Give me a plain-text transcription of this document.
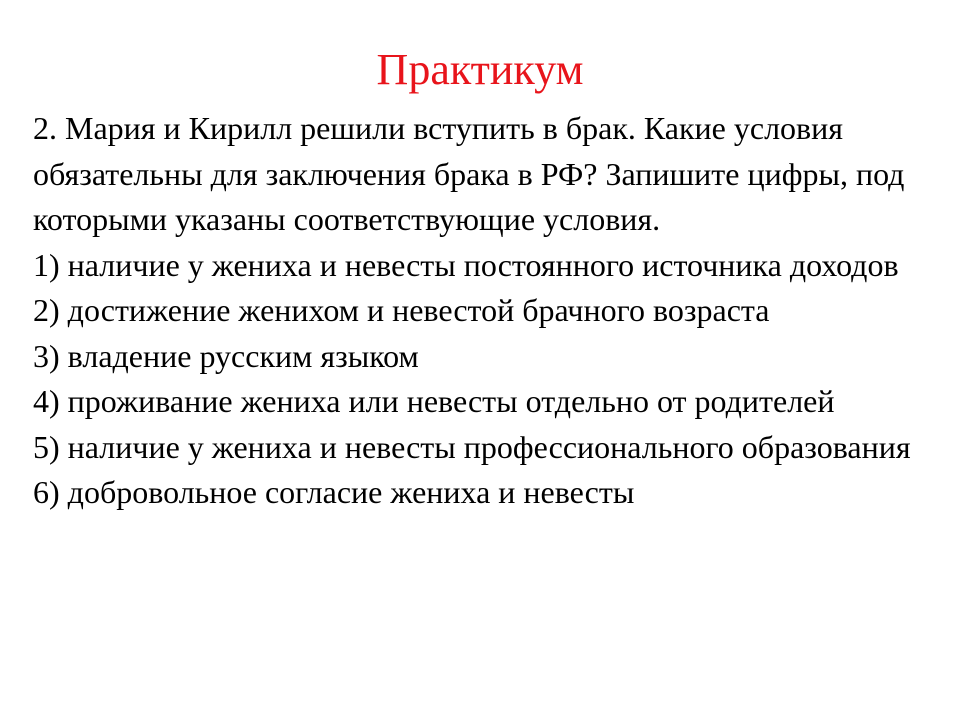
Практикум

2. Мария и Кирилл решили вступить в брак. Какие условия обязательны для заключения брака в РФ? Запишите цифры, под которыми указаны соответствующие условия.

1) наличие у жениха и невесты постоянного источника доходов

2) достижение женихом и невестой брачного возраста

3) владение русским языком

4) проживание жениха или невесты отдельно от родителей

5) наличие у жениха и невесты профессионального образования

6) добровольное согласие жениха и невесты
